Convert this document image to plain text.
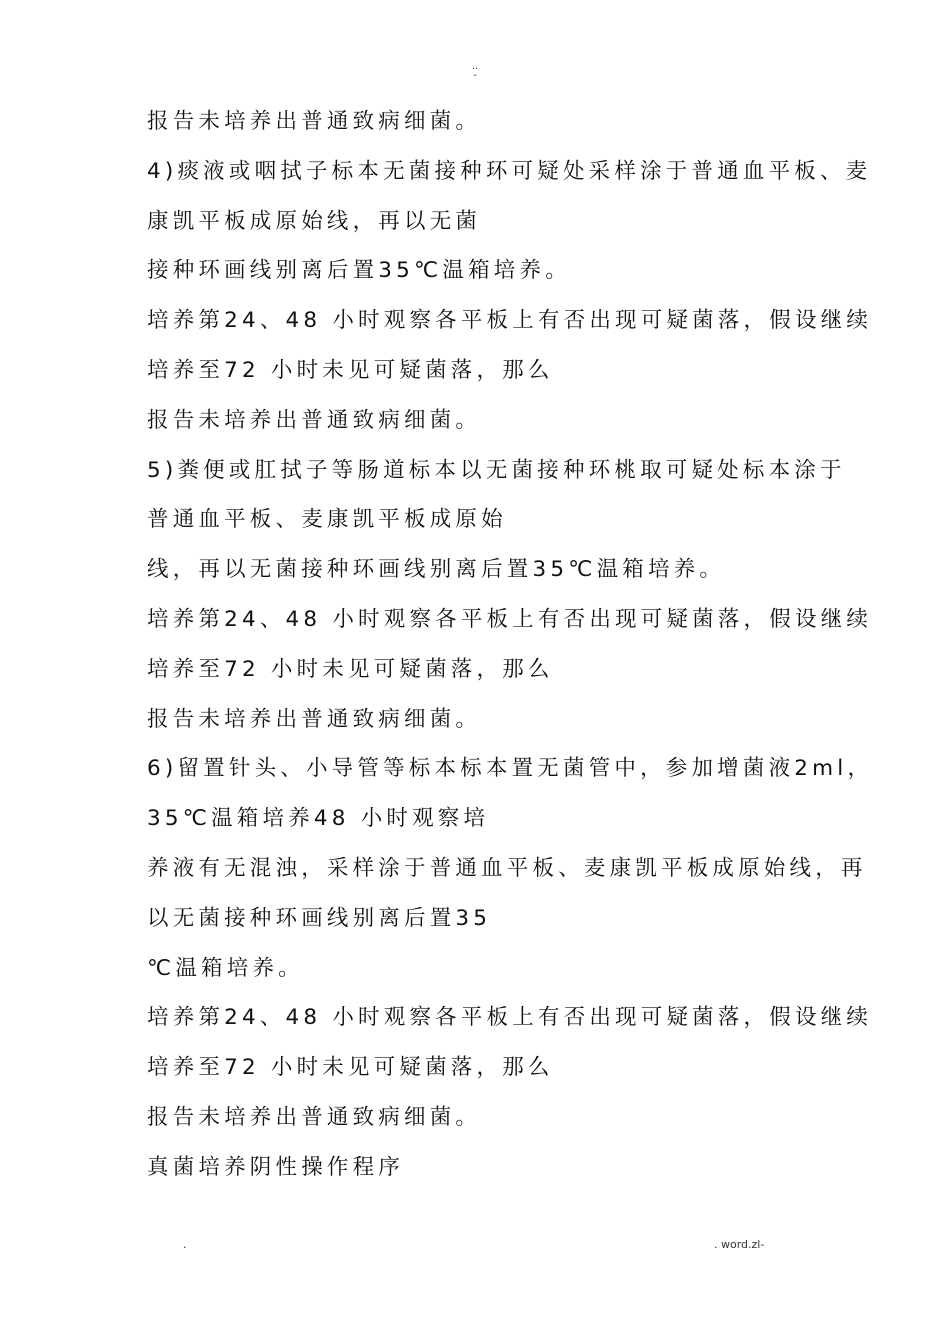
..
-
报告未培养出普通致病细菌。
4)痰液或咽拭子标本无菌接种环可疑处采样涂于普通血平板、麦
康凯平板成原始线，再以无菌
接种环画线别离后置35℃温箱培养。
培养第24、48 小时观察各平板上有否出现可疑菌落，假设继续
培养至72 小时未见可疑菌落，那么
报告未培养出普通致病细菌。
5)粪便或肛拭子等肠道标本以无菌接种环桃取可疑处标本涂于
普通血平板、麦康凯平板成原始
线，再以无菌接种环画线别离后置35℃温箱培养。
培养第24、48 小时观察各平板上有否出现可疑菌落，假设继续
培养至72 小时未见可疑菌落，那么
报告未培养出普通致病细菌。
6)留置针头、小导管等标本标本置无菌管中，参加增菌液2ml，
35℃温箱培养48 小时观察培
养液有无混浊，采样涂于普通血平板、麦康凯平板成原始线，再
以无菌接种环画线别离后置35
℃温箱培养。
培养第24、48 小时观察各平板上有否出现可疑菌落，假设继续
培养至72 小时未见可疑菌落，那么
报告未培养出普通致病细菌。
真菌培养阴性操作程序
.	. word.zl-
